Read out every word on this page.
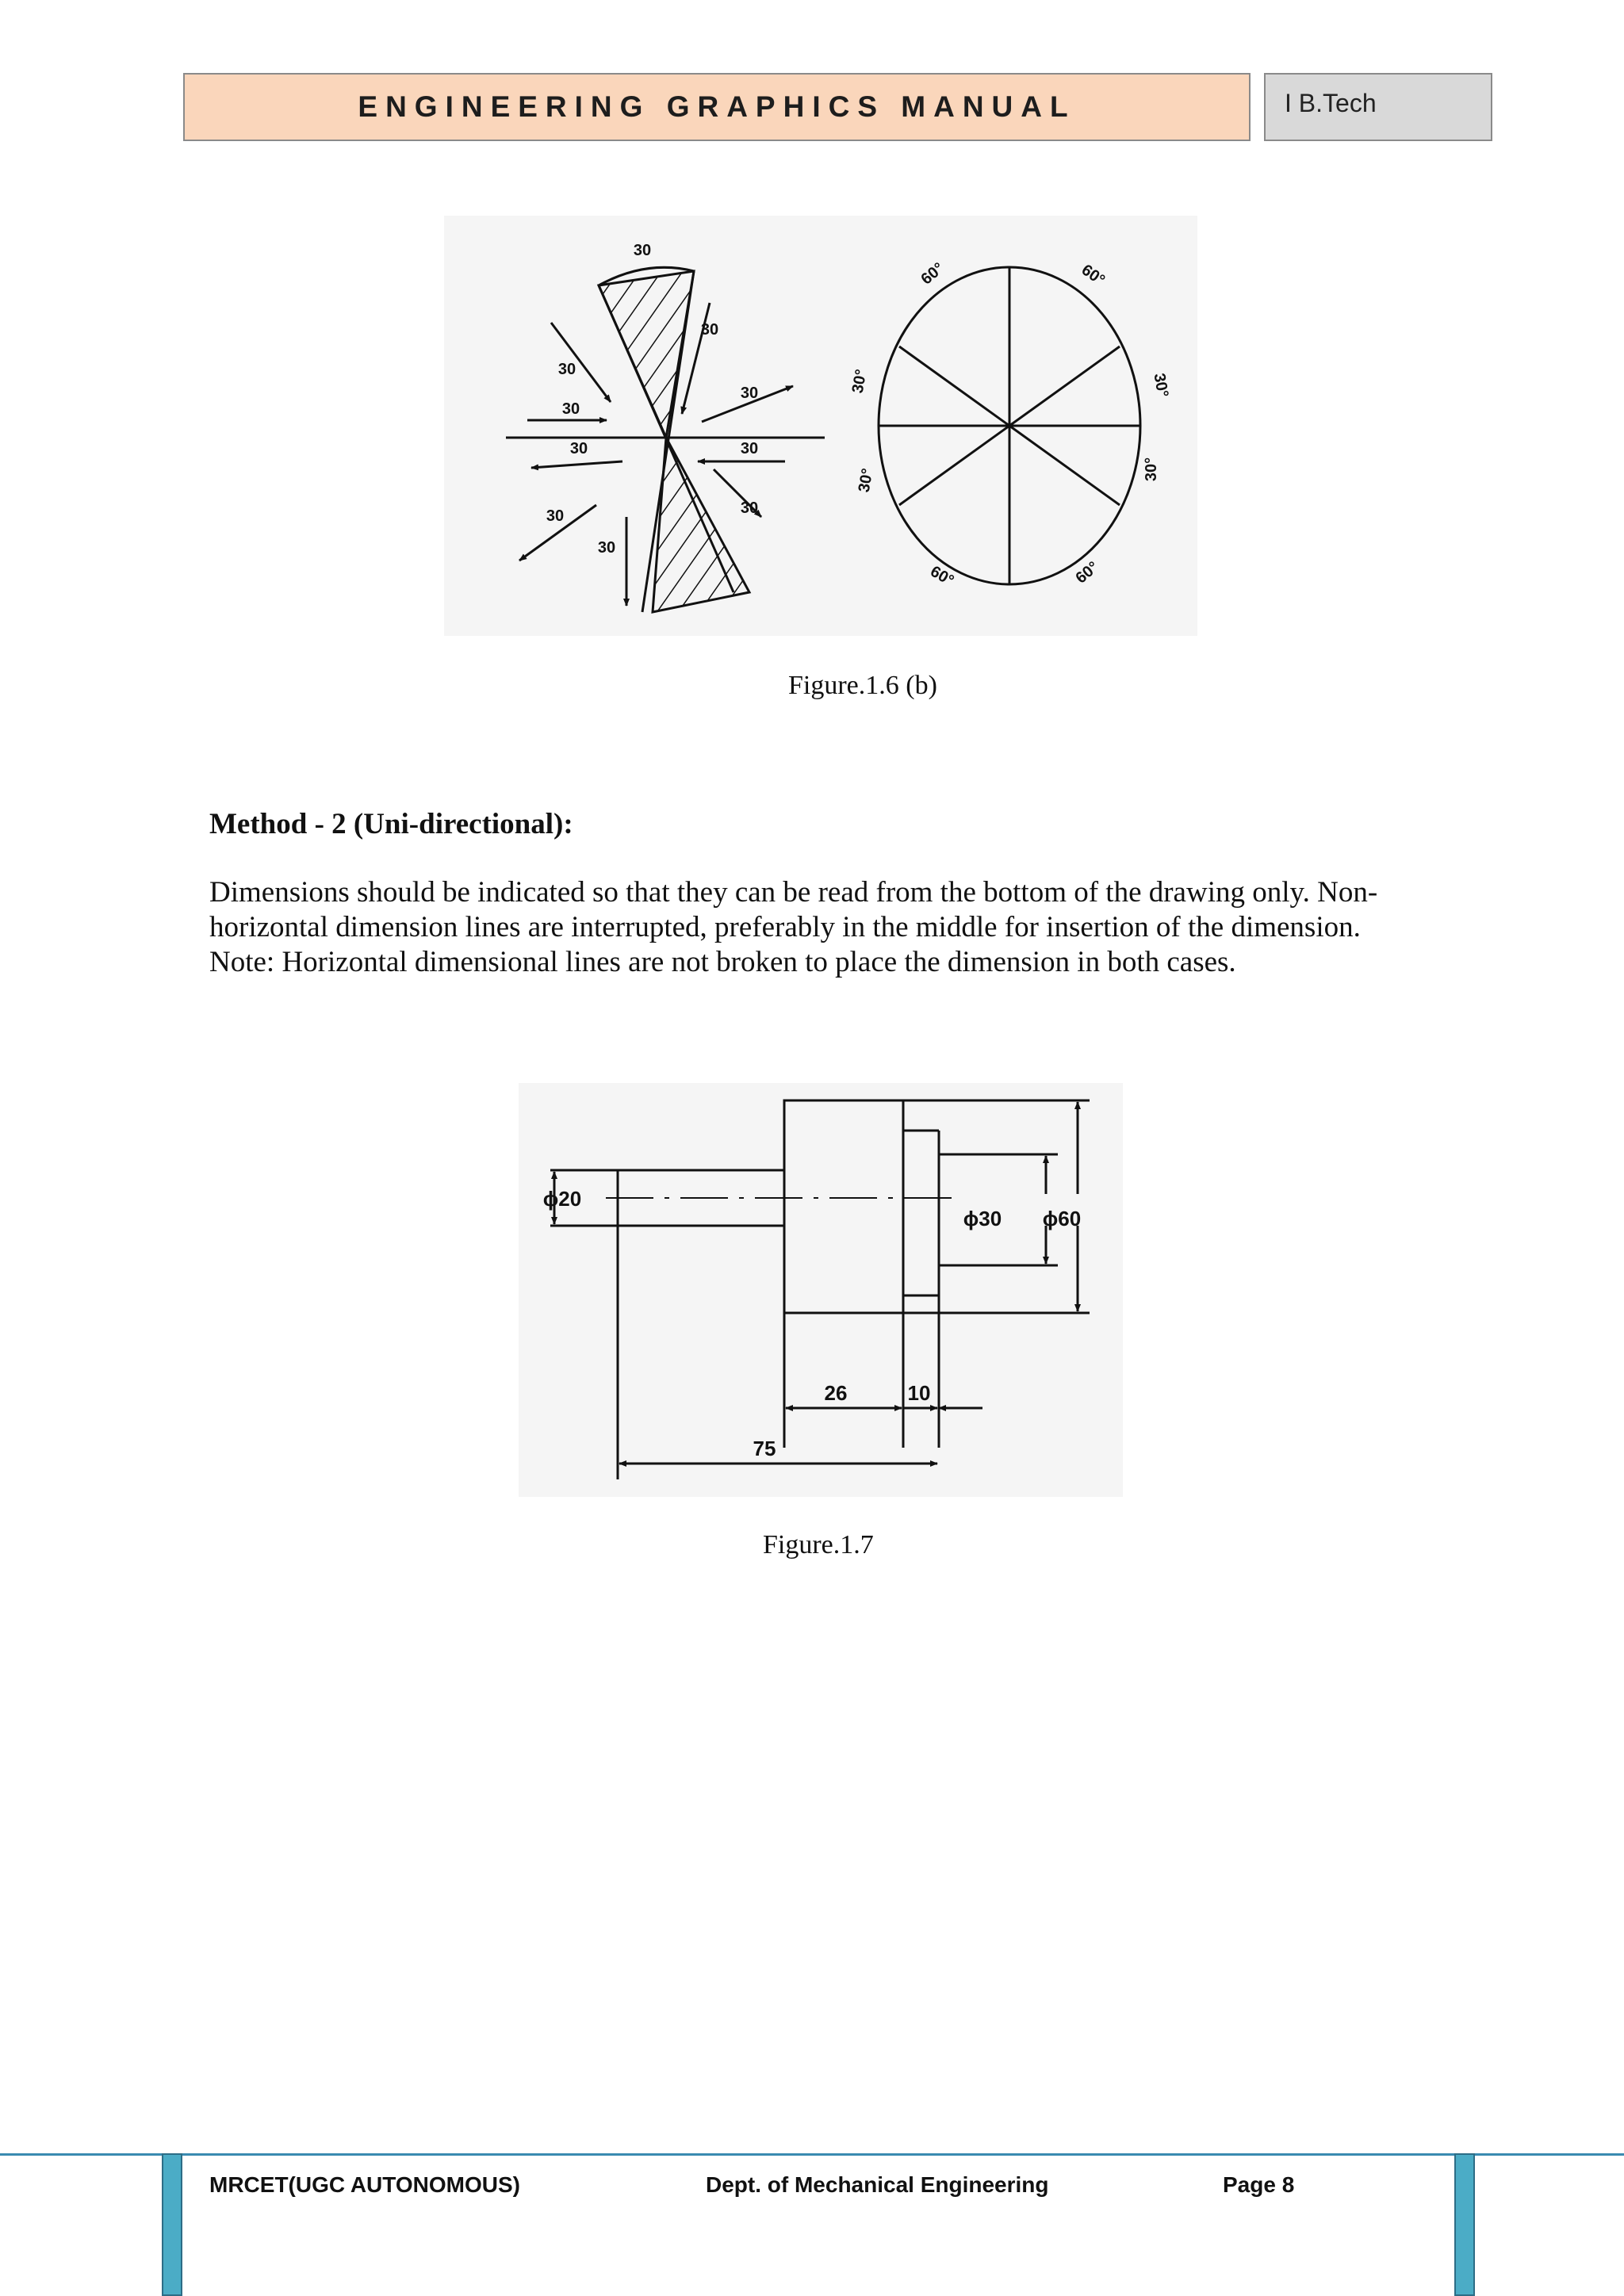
ENGINEERING GRAPHICS MANUAL	I B.Tech
30
30
30
30
30
30
30
30
30
30
60°	60°
30°	30°
30°	30°
60°	60°
Figure.1.6 (b)
Method - 2 (Uni-directional):

Dimensions should be indicated so that they can be read from the bottom of the drawing only. Non-

horizontal dimension lines are interrupted, preferably in the middle for insertion of the dimension.

Note: Horizontal dimensional lines are not broken to place the dimension in both cases.

ϕ20
ϕ30 ϕ60
26	10
75
Figure.1.7
MRCET(UGC AUTONOMOUS)	Dept. of Mechanical Engineering	Page 8
